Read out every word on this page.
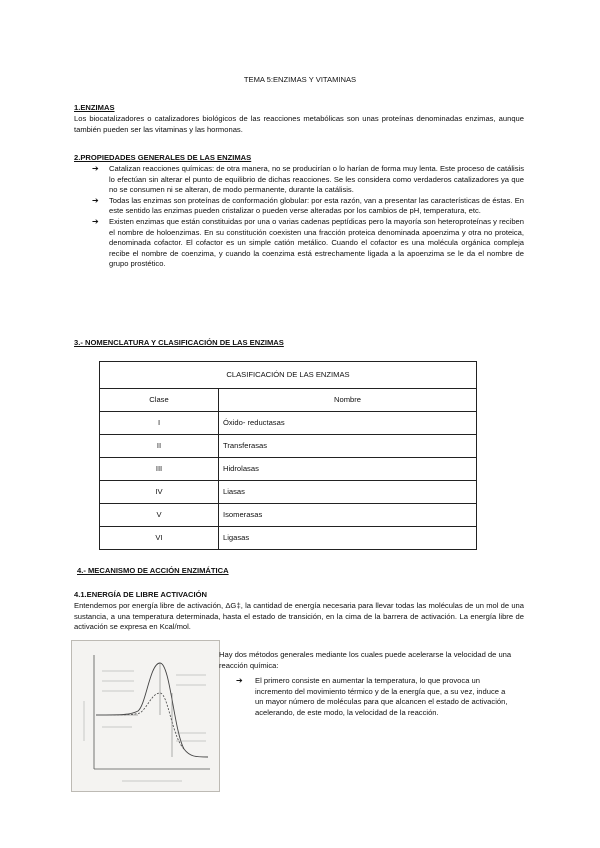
TEMA 5:ENZIMAS Y VITAMINAS
1.ENZIMAS
Los biocatalizadores o catalizadores biológicos de las reacciones metabólicas son unas proteínas denominadas enzimas, aunque también pueden ser las vitaminas y las hormonas.
2.PROPIEDADES GENERALES DE LAS ENZIMAS
➔ Catalizan reacciones químicas: de otra manera, no se producirían o lo harían de forma muy lenta. Este proceso de catálisis lo efectúan sin alterar el punto de equilibrio de dichas reacciones. Se les considera como verdaderos catalizadores ya que no se consumen ni se alteran, de modo permanente, durante la catálisis.
➔ Todas las enzimas son proteínas de conformación globular: por esta razón, van a presentar las características de éstas. En este sentido las enzimas pueden cristalizar o pueden verse alteradas por los cambios de pH, temperatura, etc.
➔ Existen enzimas que están constituidas por una o varias cadenas peptídicas pero la mayoría son heteroproteínas y reciben el nombre de holoenzimas. En su constitución coexisten una fracción proteica denominada apoenzima y otra no proteica, denominada cofactor. El cofactor es un simple catión metálico. Cuando el cofactor es una molécula orgánica compleja recibe el nombre de coenzima, y cuando la coenzima está estrechamente ligada a la apoenzima se le da el nombre de grupo prostético.
3.- NOMENCLATURA Y CLASIFICACIÓN DE LAS ENZIMAS
CLASIFICACIÓN DE LAS ENZIMAS	
Clase	Nombre
I	Óxido- reductasas
II	Transferasas
III	Hidrolasas
IV	Liasas
V	Isomerasas
VI	Ligasas
4.- MECANISMO DE ACCIÓN ENZIMÁTICA
4.1.ENERGÍA DE LIBRE ACTIVACIÓN
Entendemos por energía libre de activación, ΔG‡, la cantidad de energía necesaria para llevar todas las moléculas de un mol de una sustancia, a una temperatura determinada, hasta el estado de transición, en la cima de la barrera de activación. La energía libre de activación se expresa en Kcal/mol.
Hay dos métodos generales mediante los cuales puede acelerarse la velocidad de una reacción química:
➔ El primero consiste en aumentar la temperatura, lo que provoca un incremento del movimiento térmico y de la energía que, a su vez, induce a un mayor número de moléculas para que alcancen el estado de activación, acelerando, de este modo, la velocidad de la reacción.
